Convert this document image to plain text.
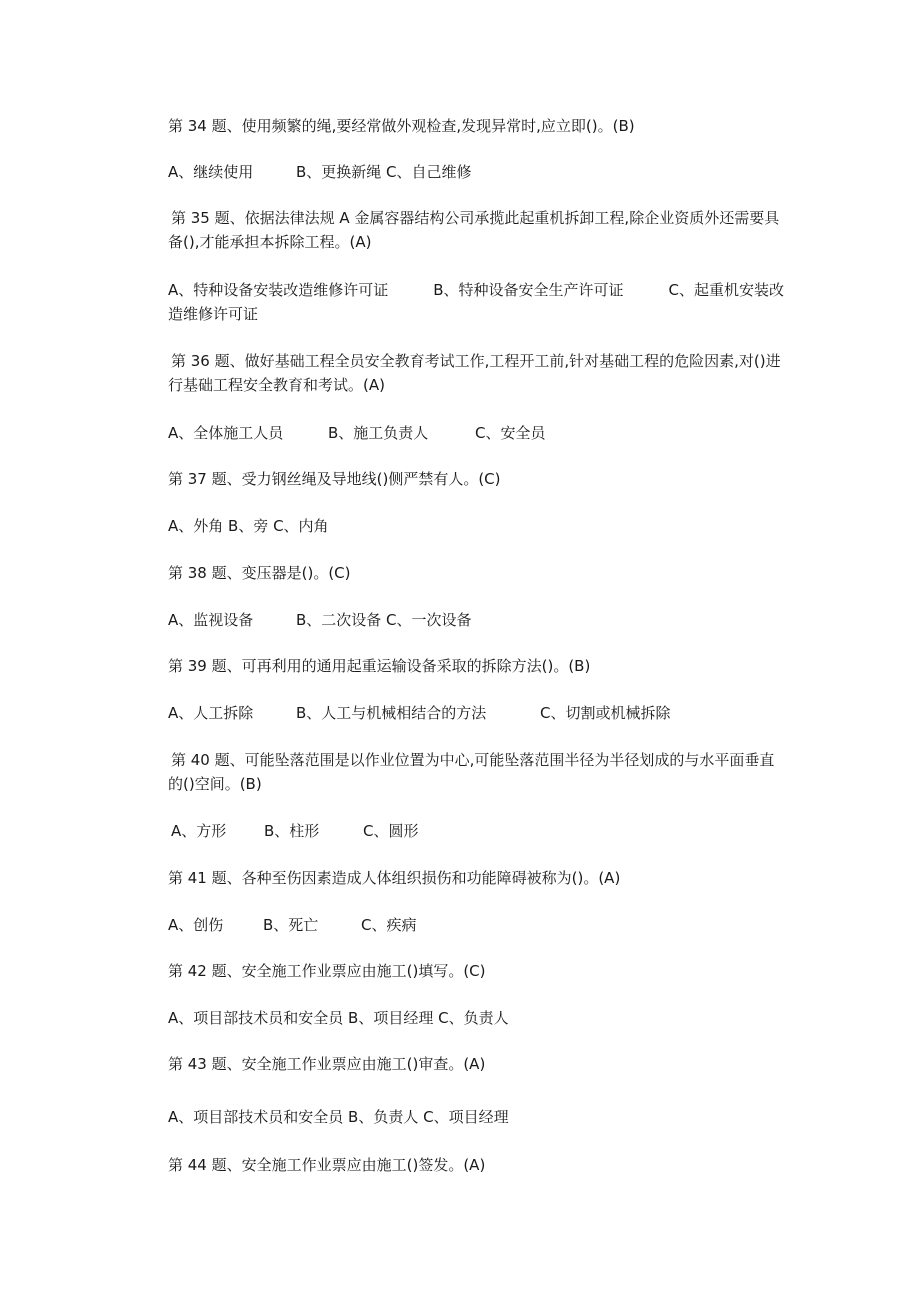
第 34 题、使用频繁的绳,要经常做外观检查,发现异常时,应立即()。(B)

A、继续使用	B、更换新绳 C、自己维修

第 35 题、依据法律法规 A 金属容器结构公司承揽此起重机拆卸工程,除企业资质外还需要具备(),才能承担本拆除工程。(A)

A、特种设备安装改造维修许可证　　　B、特种设备安全生产许可证　　　C、起重机安装改造维修许可证

第 36 题、做好基础工程全员安全教育考试工作,工程开工前,针对基础工程的危险因素,对()进行基础工程安全教育和考试。(A)

A、全体施工人员	B、施工负责人	C、安全员

第 37 题、受力钢丝绳及导地线()侧严禁有人。(C)

A、外角 B、旁 C、内角

第 38 题、变压器是()。(C)

A、监视设备	B、二次设备 C、一次设备

第 39 题、可再利用的通用起重运输设备采取的拆除方法()。(B)

A、人工拆除	B、人工与机械相结合的方法	C、切割或机械拆除

第 40 题、可能坠落范围是以作业位置为中心,可能坠落范围半径为半径划成的与水平面垂直的()空间。(B)

A、方形	B、柱形	C、圆形

第 41 题、各种至伤因素造成人体组织损伤和功能障碍被称为()。(A)

A、创伤	B、死亡	C、疾病

第 42 题、安全施工作业票应由施工()填写。(C)

A、项目部技术员和安全员 B、项目经理 C、负责人

第 43 题、安全施工作业票应由施工()审查。(A)

A、项目部技术员和安全员 B、负责人 C、项目经理

第 44 题、安全施工作业票应由施工()签发。(A)
